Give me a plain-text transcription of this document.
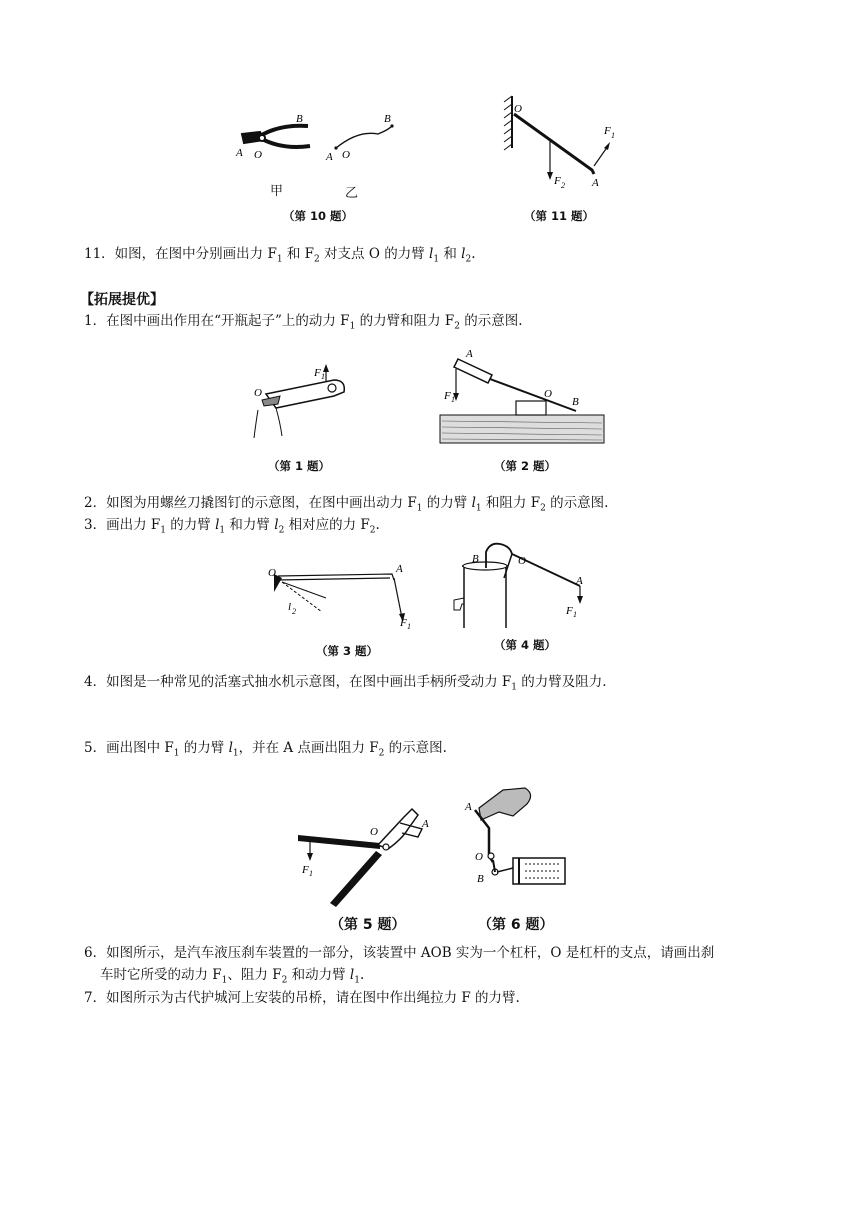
B
A O
B
A O
甲	乙
（第 10 题）
O
F 1
F 2 A
（第 11 题）
11．如图，在图中分别画出力 $F_1$ 和 $F_2$ 对支点 O 的力臂 $l_1$ 和 $l_2$.
【拓展提优】
1．在图中画出作用在“开瓶起子”上的动力 $F_1$ 的力臂和阻力 $F_2$ 的示意图.
O
F 1
（第 1 题）
A
F 1	O
B
（第 2 题）
2．如图为用螺丝刀撬图钉的示意图，在图中画出动力 $F_1$ 的力臂 $l_1$ 和阻力 $F_2$ 的示意图.
3．画出力 $F_1$ 的力臂 $l_1$ 和力臂 $l_2$ 相对应的力 $F_2$.
O	A
l 2
F 1
（第 3 题）
B	O
A
F 1
（第 4 题）
4．如图是一种常见的活塞式抽水机示意图，在图中画出手柄所受动力 $F_1$ 的力臂及阻力.
5．画出图中 $F_1$ 的力臂 $l_1$，并在 A 点画出阻力 $F_2$ 的示意图.
O
A
F 1
（第 5 题）
A
O
B
（第 6 题）
6．如图所示，是汽车液压刹车装置的一部分，该装置中 AOB 实为一个杠杆，O 是杠杆的支点，请画出刹
车时它所受的动力 $F_1$、阻力 $F_2$ 和动力臂 $l_1$.
7．如图所示为古代护城河上安装的吊桥，请在图中作出绳拉力 F 的力臂.
